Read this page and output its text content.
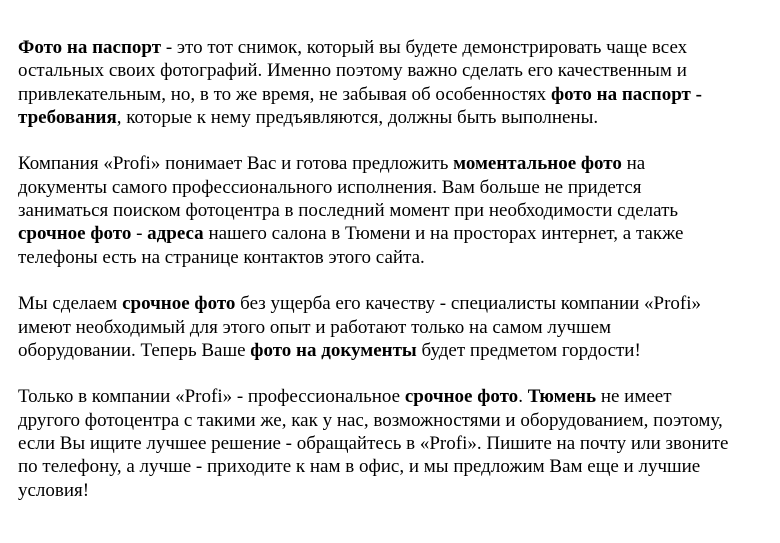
Фото на паспорт - это тот снимок, который вы будете демонстрировать чаще всех
остальных своих фотографий. Именно поэтому важно сделать его качественным и
привлекательным, но, в то же время, не забывая об особенностях фото на паспорт -
требования, которые к нему предъявляются, должны быть выполнены.

Компания «Profi» понимает Вас и готова предложить моментальное фото на
документы самого профессионального исполнения. Вам больше не придется
заниматься поиском фотоцентра в последний момент при необходимости сделать
срочное фото - адреса нашего салона в Тюмени и на просторах интернет, а также
телефоны есть на странице контактов этого сайта.

Мы сделаем срочное фото без ущерба его качеству - специалисты компании «Profi»
имеют необходимый для этого опыт и работают только на самом лучшем
оборудовании. Теперь Ваше фото на документы будет предметом гордости!

Только в компании «Profi» - профессиональное срочное фото. Тюмень не имеет
другого фотоцентра с такими же, как у нас, возможностями и оборудованием, поэтому,
если Вы ищите лучшее решение - обращайтесь в «Profi». Пишите на почту или звоните
по телефону, а лучше - приходите к нам в офис, и мы предложим Вам еще и лучшие
условия!
